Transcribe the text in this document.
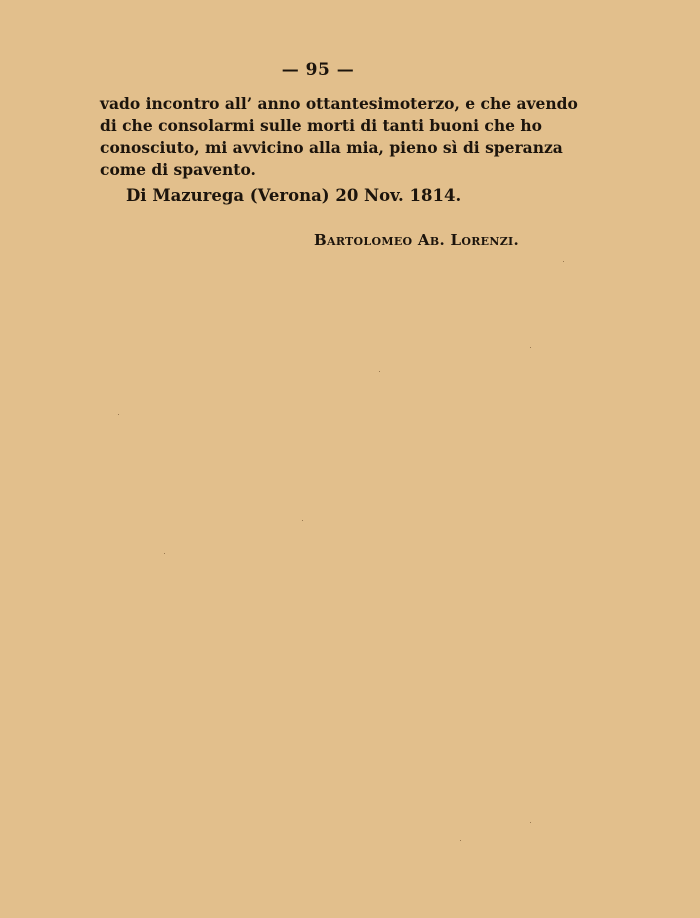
— 95 —
vado incontro all’ anno ottantesimoterzo, e che avendo
di che consolarmi sulle morti di tanti buoni che ho
conosciuto, mi avvicino alla mia, pieno sì di speranza
come di spavento.
Di Mazurega (Verona) 20 Nov. 1814.
Bartolomeo Ab. Lorenzi.
